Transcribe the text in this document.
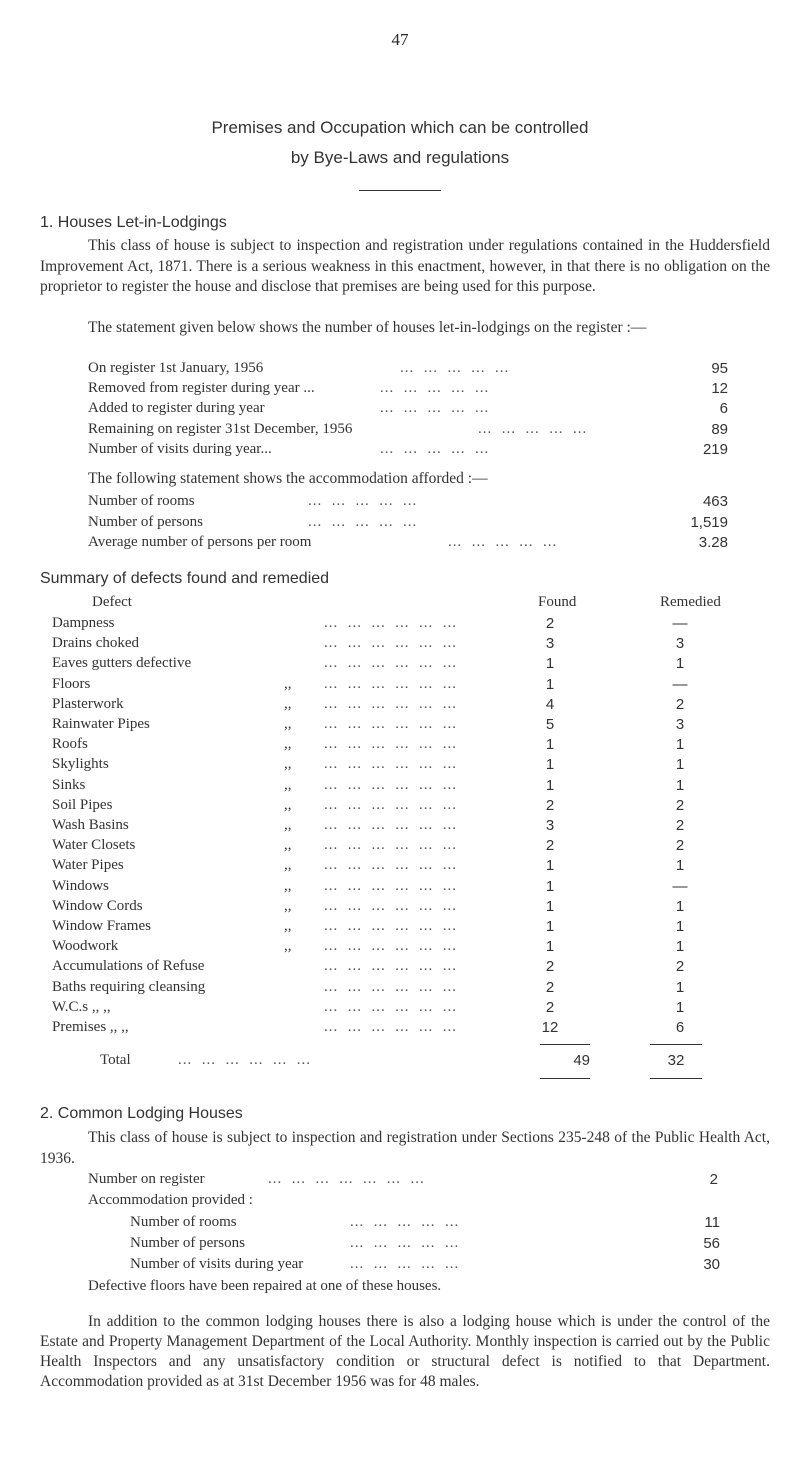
47
Premises and Occupation which can be controlled
by Bye-Laws and regulations
1. Houses Let-in-Lodgings
This class of house is subject to inspection and registration under regulations contained in the Huddersfield Improvement Act, 1871. There is a serious weakness in this enactment, however, in that there is no obligation on the proprietor to register the house and disclose that premises are being used for this purpose.
The statement given below shows the number of houses let-in-lodgings on the register :—
On register 1st January, 1956	...  ...  ...  ...  ...	95
Removed from register during year ...	...  ...  ...  ...  ...	12
Added to register during year	...  ...  ...  ...  ...	6
Remaining on register 31st December, 1956	...  ...  ...  ...  ...	89
Number of visits during year...	...  ...  ...  ...  ...	219
The following statement shows the accommodation afforded :—
Number of rooms	...  ...  ...  ...  ...	463
Number of persons	...  ...  ...  ...  ...	1,519
Average number of persons per room	...  ...  ...  ...  ...	3.28
Summary of defects found and remedied
Defect	Found	Remedied
Dampness	...  ...  ...  ...  ...  ...	2	—
Drains choked	...  ...  ...  ...  ...  ...	3	3
Eaves gutters defective	...  ...  ...  ...  ...  ...	1	1
Floors	,, ...  ...  ...  ...  ...  ...	1	—
Plasterwork	,, ...  ...  ...  ...  ...  ...	4	2
Rainwater Pipes	,, ...  ...  ...  ...  ...  ...	5	3
Roofs	,, ...  ...  ...  ...  ...  ...	1	1
Skylights	,, ...  ...  ...  ...  ...  ...	1	1
Sinks	,, ...  ...  ...  ...  ...  ...	1	1
Soil Pipes	,, ...  ...  ...  ...  ...  ...	2	2
Wash Basins	,, ...  ...  ...  ...  ...  ...	3	2
Water Closets	,, ...  ...  ...  ...  ...  ...	2	2
Water Pipes	,, ...  ...  ...  ...  ...  ...	1	1
Windows	,, ...  ...  ...  ...  ...  ...	1	—
Window Cords	,, ...  ...  ...  ...  ...  ...	1	1
Window Frames	,, ...  ...  ...  ...  ...  ...	1	1
Woodwork	,, ...  ...  ...  ...  ...  ...	1	1
Accumulations of Refuse	...  ...  ...  ...  ...  ...	2	2
Baths requiring cleansing	...  ...  ...  ...  ...  ...	2	1
W.C.s ,, ,,	...  ...  ...  ...  ...  ...	2	1
Premises ,, ,,	...  ...  ...  ...  ...  ...	12	6
Total	...  ...  ...  ...  ...  ...	49	32
2. Common Lodging Houses
This class of house is subject to inspection and registration under Sections 235-248 of the Public Health Act, 1936.
Number on register	...  ...  ...  ...  ...  ...  ...	2
Accommodation provided :
Number of rooms	...  ...  ...  ...  ...	11
Number of persons	...  ...  ...  ...  ...	56
Number of visits during year	...  ...  ...  ...  ...	30
Defective floors have been repaired at one of these houses.
In addition to the common lodging houses there is also a lodging house which is under the control of the Estate and Property Management Department of the Local Authority. Monthly inspection is carried out by the Public Health Inspectors and any unsatisfactory condition or structural defect is notified to that Department. Accommodation provided as at 31st December 1956 was for 48 males.
